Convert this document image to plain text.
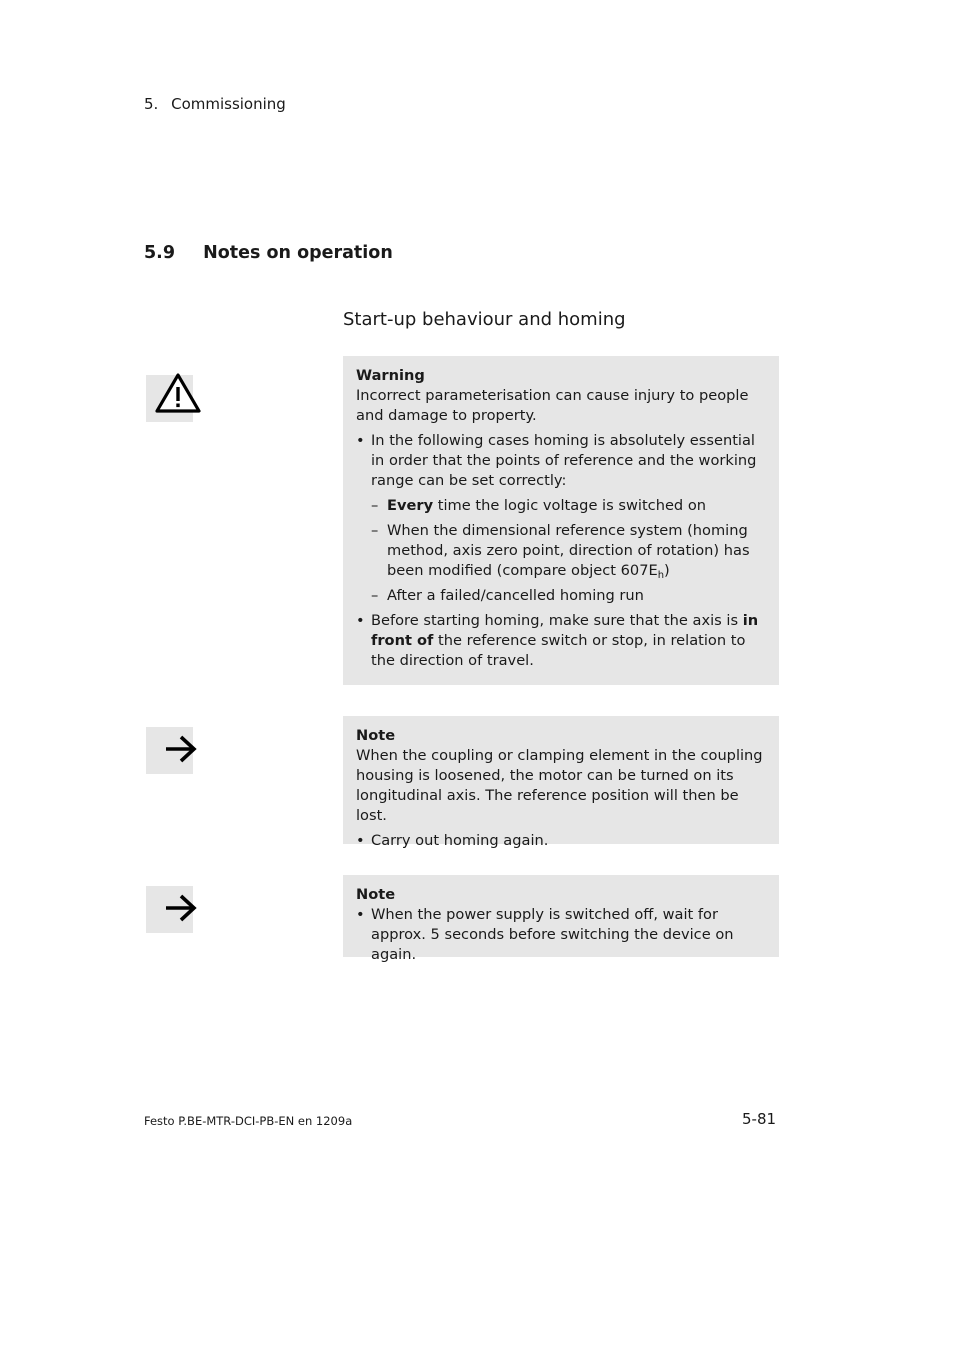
5. Commissioning
5.9 Notes on operation
Start-up behaviour and homing
Warning
Incorrect parameterisation can cause injury to people and damage to property.
• In the following cases homing is absolutely essential in order that the points of reference and the working range can be set correctly:
– Every time the logic voltage is switched on
– When the dimensional reference system (homing method, axis zero point, direction of rotation) has been modified (compare object $607E_h$)
– After a failed/cancelled homing run
• Before starting homing, make sure that the axis is in front of the reference switch or stop, in relation to the direction of travel.
Note
When the coupling or clamping element in the coupling housing is loosened, the motor can be turned on its longitudinal axis. The reference position will then be lost.
• Carry out homing again.
Note
• When the power supply is switched off, wait for approx. 5 seconds before switching the device on again.
Festo P.BE-MTR-DCI-PB-EN en 1209a	5-81
